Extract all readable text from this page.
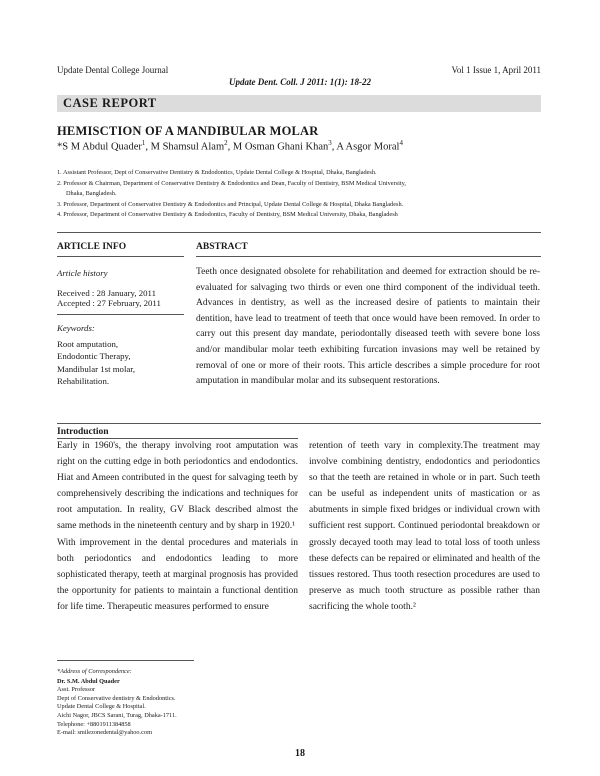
Update Dental College Journal	Vol 1 Issue 1, April 2011
Update Dent. Coll. J 2011: 1(1): 18-22
CASE REPORT
HEMISCTION OF A MANDIBULAR MOLAR
*S M Abdul Quader$^1$, M Shamsul Alam$^2$, M Osman Ghani Khan$^3$, A Asgor Moral$^4$
1. Assistant Professor, Dept of Conservative Dentistry & Endodontics, Update Dental College & Hospital, Dhaka, Bangladesh.
2. Professor & Chairman, Department of Conservative Dentistry & Endodontics and Dean, Faculty of Dentistry, BSM Medical University,
Dhaka, Bangladesh.
3. Professor, Department of Conservative Dentistry & Endodontics and Principal, Update Dental College & Hospital, Dhaka Bangladesh.
4. Professor, Department of Conservative Dentistry & Endodontics, Faculty of Dentistry, BSM Medical University, Dhaka, Bangladesh
ARTICLE INFO
Article history
Received : 28 January, 2011
Accepted : 27 February, 2011
Keywords:
Root amputation,
Endodontic Therapy,
Mandibular 1st molar,
Rehabilitation.
ABSTRACT
Teeth once designated obsolete for rehabilitation and deemed for extraction should be re-evaluated for salvaging two thirds or even one third component of the individual teeth. Advances in dentistry, as well as the increased desire of patients to maintain their dentition, have lead to treatment of teeth that once would have been removed. In order to carry out this present day mandate, periodontally diseased teeth with severe bone loss and/or mandibular molar teeth exhibiting furcation invasions may well be retained by removal of one or more of their roots. This article describes a simple procedure for root amputation in mandibular molar and its subsequent restorations.
Introduction
Early in 1960's, the therapy involving root amputation was right on the cutting edge in both periodontics and endodontics. Hiat and Ameen contributed in the quest for salvaging teeth by comprehensively describing the indications and techniques for root amputation. In reality, GV Black described almost the same methods in the nineteenth century and by sharp in 1920.¹
With improvement in the dental procedures and materials in both periodontics and endodontics leading to more sophisticated therapy, teeth at marginal prognosis has provided the opportunity for patients to maintain a functional dentition for life time. Therapeutic measures performed to ensure
retention of teeth vary in complexity.The treatment may involve combining dentistry, endodontics and periodontics so that the teeth are retained in whole or in part. Such teeth can be useful as independent units of mastication or as abutments in simple fixed bridges or individual crown with sufficient rest support. Continued periodontal breakdown or grossly decayed tooth may lead to total loss of tooth unless these defects can be repaired or eliminated and health of the tissues restored. Thus tooth resection procedures are used to preserve as much tooth structure as possible rather than sacrificing the whole tooth.²
*Address of Correspondence:
Dr. S.M. Abdul Quader
Asst. Professor
Dept of Conservative dentistry & Endodontics.
Update Dental College & Hospital.
Aichi Nagor, JBCS Sarani, Turag, Dhaka-1711.
Telephone: +8801911384858
E-mail: smilezonedental@yahoo.com
18
